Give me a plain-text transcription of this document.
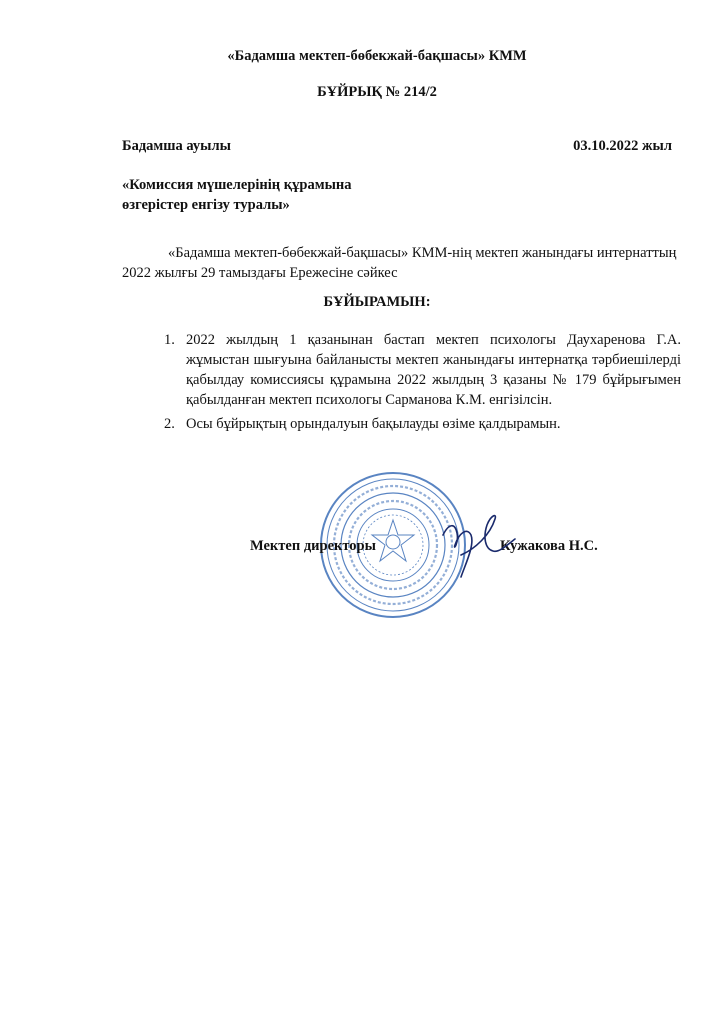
«Бадамша мектеп-бөбекжай-бақшасы» КММ
БҰЙРЫҚ № 214/2
Бадамша ауылы	03.10.2022 жыл
«Комиссия мүшелерінің құрамына
өзгерістер енгізу туралы»
«Бадамша мектеп-бөбекжай-бақшасы» КММ-нің мектеп жанындағы интернаттың 2022 жылғы 29 тамыздағы Ережесіне сәйкес
БҰЙЫРАМЫН:
1. 2022 жылдың 1 қазанынан бастап мектеп психологы Дауxаренова Г.А. жұмыстан шығуына байланысты мектеп жанындағы интернатқа тәрбиешілерді қабылдау комиссиясы құрамына 2022 жылдың 3 қазаны № 179 бұйрығымен қабылданған мектеп психологы Сарманова К.М. енгізілсін.
2. Осы бұйрықтың орындалуын бақылауды өзіме қалдырамын.
Мектеп директоры	Кужакова Н.С.
